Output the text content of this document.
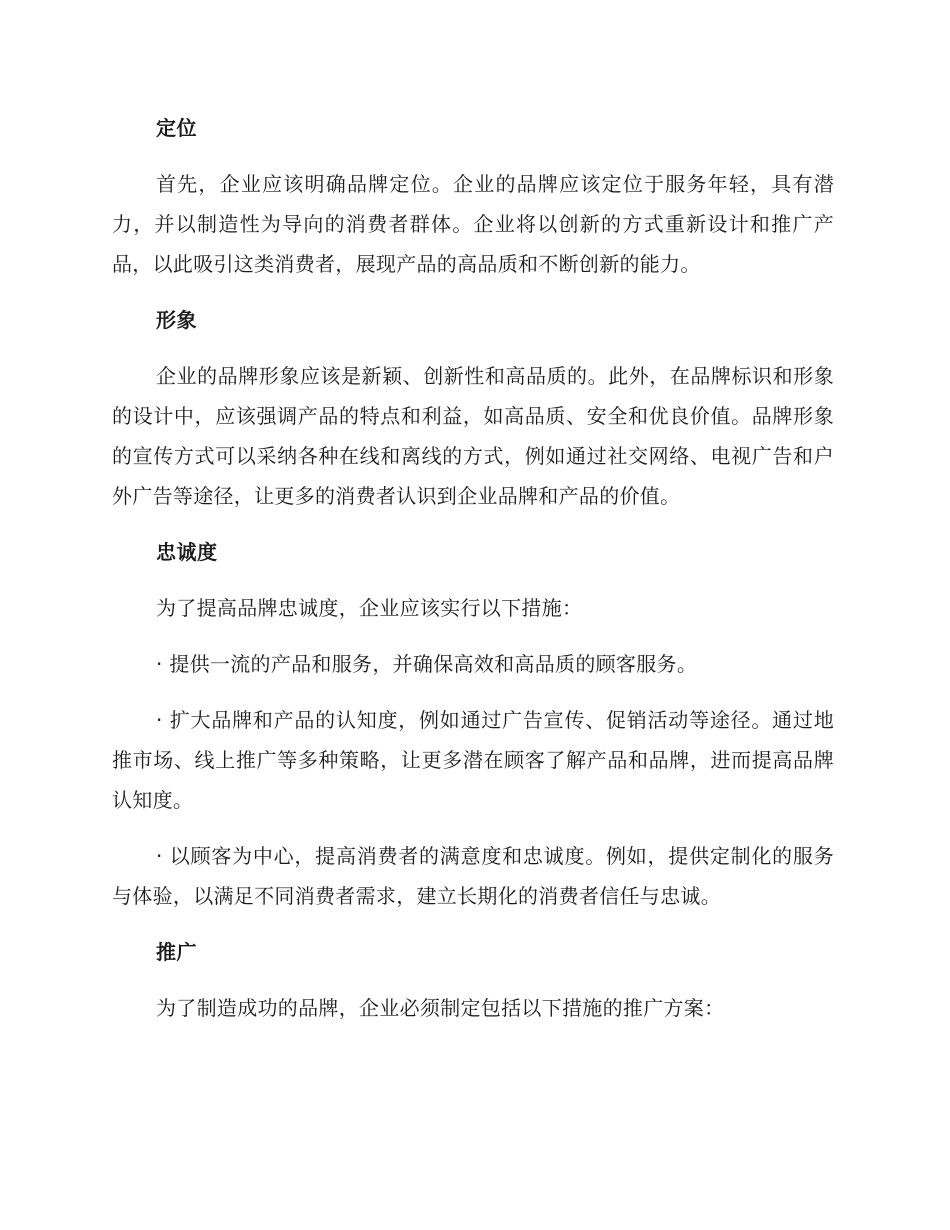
定位

首先，企业应该明确品牌定位。企业的品牌应该定位于服务年轻，具有潜力，并以制造性为导向的消费者群体。企业将以创新的方式重新设计和推广产品，以此吸引这类消费者，展现产品的高品质和不断创新的能力。

形象

企业的品牌形象应该是新颖、创新性和高品质的。此外，在品牌标识和形象的设计中，应该强调产品的特点和利益，如高品质、安全和优良价值。品牌形象的宣传方式可以采纳各种在线和离线的方式，例如通过社交网络、电视广告和户外广告等途径，让更多的消费者认识到企业品牌和产品的价值。

忠诚度

为了提高品牌忠诚度，企业应该实行以下措施：

· 提供一流的产品和服务，并确保高效和高品质的顾客服务。

· 扩大品牌和产品的认知度，例如通过广告宣传、促销活动等途径。通过地推市场、线上推广等多种策略，让更多潜在顾客了解产品和品牌，进而提高品牌认知度。

· 以顾客为中心，提高消费者的满意度和忠诚度。例如，提供定制化的服务与体验，以满足不同消费者需求，建立长期化的消费者信任与忠诚。

推广

为了制造成功的品牌，企业必须制定包括以下措施的推广方案：
